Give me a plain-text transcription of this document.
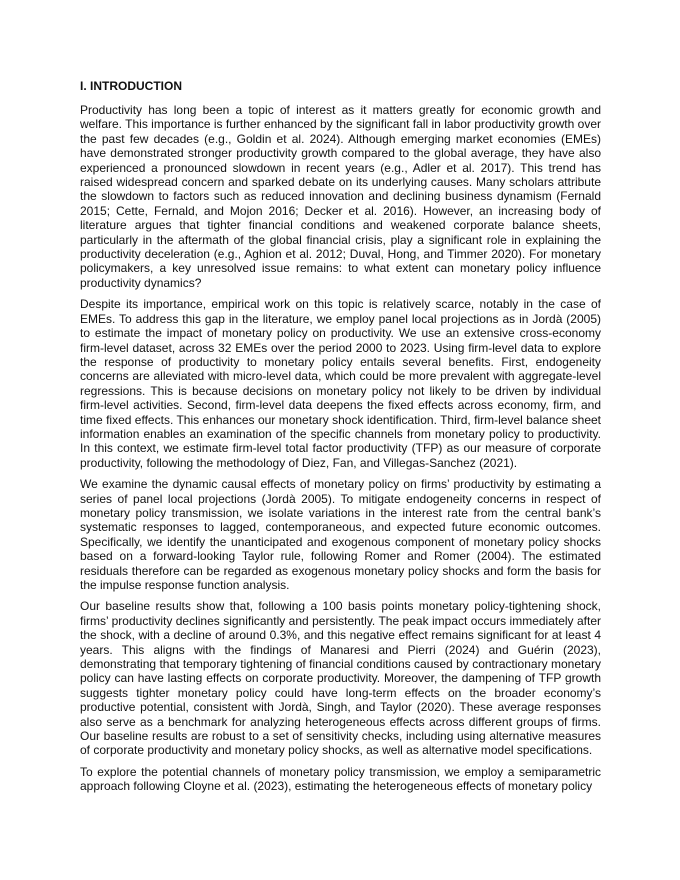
I. INTRODUCTION

Productivity has long been a topic of interest as it matters greatly for economic growth and welfare. This importance is further enhanced by the significant fall in labor productivity growth over the past few decades (e.g., Goldin et al. 2024). Although emerging market economies (EMEs) have demonstrated stronger productivity growth compared to the global average, they have also experienced a pronounced slowdown in recent years (e.g., Adler et al. 2017). This trend has raised widespread concern and sparked debate on its underlying causes. Many scholars attribute the slowdown to factors such as reduced innovation and declining business dynamism (Fernald 2015; Cette, Fernald, and Mojon 2016; Decker et al. 2016). However, an increasing body of literature argues that tighter financial conditions and weakened corporate balance sheets, particularly in the aftermath of the global financial crisis, play a significant role in explaining the productivity deceleration (e.g., Aghion et al. 2012; Duval, Hong, and Timmer 2020). For monetary policymakers, a key unresolved issue remains: to what extent can monetary policy influence productivity dynamics?

Despite its importance, empirical work on this topic is relatively scarce, notably in the case of EMEs. To address this gap in the literature, we employ panel local projections as in Jordà (2005) to estimate the impact of monetary policy on productivity. We use an extensive cross-economy firm-level dataset, across 32 EMEs over the period 2000 to 2023. Using firm-level data to explore the response of productivity to monetary policy entails several benefits. First, endogeneity concerns are alleviated with micro-level data, which could be more prevalent with aggregate-level regressions. This is because decisions on monetary policy not likely to be driven by individual firm-level activities. Second, firm-level data deepens the fixed effects across economy, firm, and time fixed effects. This enhances our monetary shock identification. Third, firm-level balance sheet information enables an examination of the specific channels from monetary policy to productivity. In this context, we estimate firm-level total factor productivity (TFP) as our measure of corporate productivity, following the methodology of Diez, Fan, and Villegas-Sanchez (2021).

We examine the dynamic causal effects of monetary policy on firms’ productivity by estimating a series of panel local projections (Jordà 2005). To mitigate endogeneity concerns in respect of monetary policy transmission, we isolate variations in the interest rate from the central bank’s systematic responses to lagged, contemporaneous, and expected future economic outcomes. Specifically, we identify the unanticipated and exogenous component of monetary policy shocks based on a forward-looking Taylor rule, following Romer and Romer (2004). The estimated residuals therefore can be regarded as exogenous monetary policy shocks and form the basis for the impulse response function analysis.

Our baseline results show that, following a 100 basis points monetary policy-tightening shock, firms’ productivity declines significantly and persistently. The peak impact occurs immediately after the shock, with a decline of around 0.3%, and this negative effect remains significant for at least 4 years. This aligns with the findings of Manaresi and Pierri (2024) and Guérin (2023), demonstrating that temporary tightening of financial conditions caused by contractionary monetary policy can have lasting effects on corporate productivity. Moreover, the dampening of TFP growth suggests tighter monetary policy could have long-term effects on the broader economy’s productive potential, consistent with Jordà, Singh, and Taylor (2020). These average responses also serve as a benchmark for analyzing heterogeneous effects across different groups of firms. Our baseline results are robust to a set of sensitivity checks, including using alternative measures of corporate productivity and monetary policy shocks, as well as alternative model specifications.

To explore the potential channels of monetary policy transmission, we employ a semiparametric approach following Cloyne et al. (2023), estimating the heterogeneous effects of monetary policy
